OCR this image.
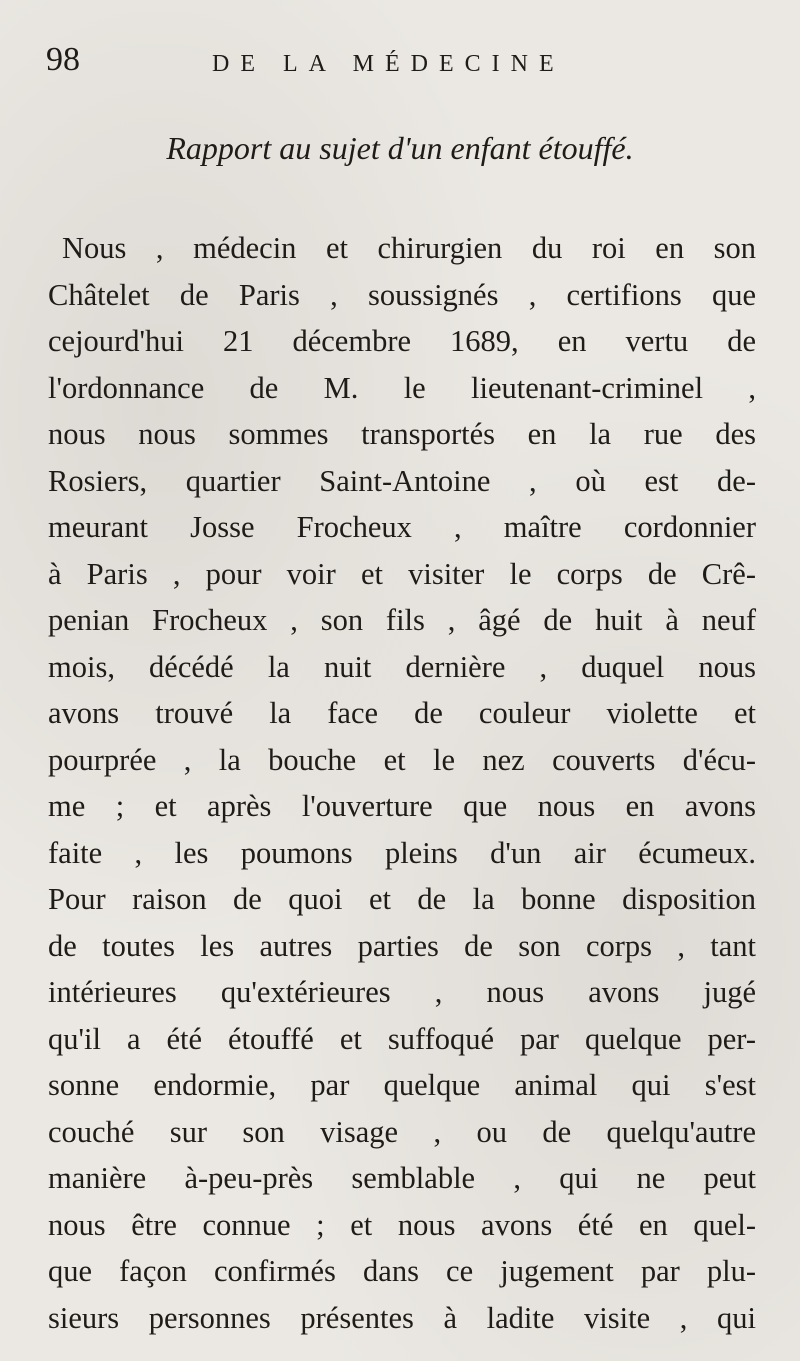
98	DE LA MÉDECINE
Rapport au sujet d'un enfant étouffé.
Nous , médecin et chirurgien du roi en son
Châtelet de Paris , soussignés , certifions que
cejourd'hui 21 décembre 1689, en vertu de
l'ordonnance de M. le lieutenant-criminel ,
nous nous sommes transportés en la rue des
Rosiers, quartier Saint-Antoine , où est de-
meurant Josse Frocheux , maître cordonnier
à Paris , pour voir et visiter le corps de Crê-
penian Frocheux , son fils , âgé de huit à neuf
mois, décédé la nuit dernière , duquel nous
avons trouvé la face de couleur violette et
pourprée , la bouche et le nez couverts d'écu-
me ; et après l'ouverture que nous en avons
faite , les poumons pleins d'un air écumeux.
Pour raison de quoi et de la bonne disposition
de toutes les autres parties de son corps , tant
intérieures qu'extérieures , nous avons jugé
qu'il a été étouffé et suffoqué par quelque per-
sonne endormie, par quelque animal qui s'est
couché sur son visage , ou de quelqu'autre
manière à-peu-près semblable , qui ne peut
nous être connue ; et nous avons été en quel-
que façon confirmés dans ce jugement par plu-
sieurs personnes présentes à ladite visite , qui
